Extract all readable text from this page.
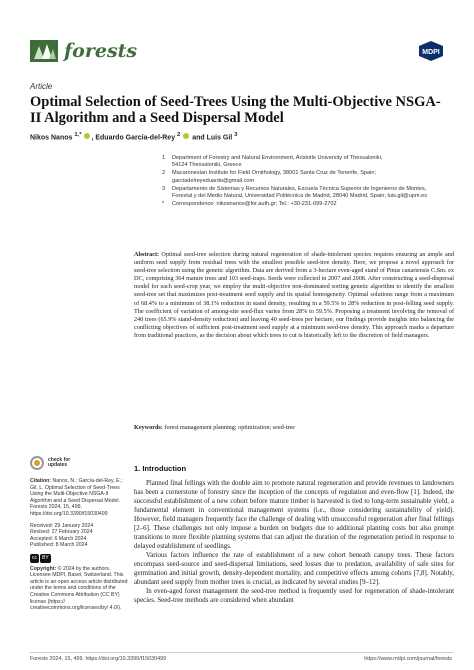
forests	MDPI
Article
Optimal Selection of Seed-Trees Using the Multi-Objective NSGA-II Algorithm and a Seed Dispersal Model
Nikos Nanos $^{1,*}$ , Eduardo García-del-Rey $^2$  and Luis Gil $^3$
1	Department of Forestry and Natural Environment, Aristotle University of Thessaloniki,
54124 Thessaloniki, Greece
2	Macaronesian Institute for Field Ornithology, 38001 Santa Cruz de Tenerife, Spain;
garciadelreyeduardo@gmail.com
3	Departamento de Sistemas y Recursos Naturales, Escuela Técnica Superior de Ingenieros de Montes,
Forestal y del Medio Natural, Universidad Politécnica de Madrid, 28040 Madrid, Spain; luis.gil@upm.es
*	Correspondence: nikosnanos@for.auth.gr; Tel.: +30-231-099-2702
Abstract: Optimal seed-tree selection during natural regeneration of shade-intolerant species requires ensuring an ample and uniform seed supply from residual trees with the smallest possible seed-tree density. Here, we propose a novel approach for seed-tree selection using the genetic algorithm. Data are derived from a 3-hectare even-aged stand of Pinus canariensis C.Sm. ex DC, comprising 364 mature trees and 103 seed-traps. Seeds were collected in 2007 and 2008. After constructing a seed-dispersal model for each seed-crop year, we employ the multi-objective non-dominated sorting genetic algorithm to identify the smallest seed-tree set that maximizes post-treatment seed supply and its spatial homogeneity. Optimal solutions range from a maximum of 68.4% to a minimum of 38.1% reduction in stand density, resulting in a 59.5% to 28% reduction in post-felling seed supply. The coefficient of variation of among-site seed-flux varies from 28% to 59.5%. Proposing a treatment involving the removal of 240 trees (65.9% stand-density reduction) and leaving 40 seed-trees per hectare, our findings provide insights into balancing the conflicting objectives of sufficient post-treatment seed supply at a minimum seed-tree density. This approach marks a departure from traditional practices, as the decision about which trees to cut is historically left to the discretion of field managers.
Keywords: forest management planning; optimization; seed-tree
check for
updates

Citation: Nanos, N.; García-del-Rey, E.; Gil, L. Optimal Selection of Seed-Trees Using the Multi-Objective NSGA-II Algorithm and a Seed Dispersal Model. Forests 2024, 15, 499. https://doi.org/10.3390/f15030499

Received: 29 January 2024
Revised: 27 February 2024
Accepted: 6 March 2024
Published: 8 March 2024

cc	BY

Copyright: © 2024 by the authors. Licensee MDPI, Basel, Switzerland. This article is an open access article distributed under the terms and conditions of the Creative Commons Attribution (CC BY) license (https:// creativecommons.org/licenses/by/ 4.0/).

1. Introduction

Planned final fellings with the double aim to promote natural regeneration and provide revenues to landowners has been a cornerstone of forestry since the inception of the concepts of regulation and even-flow [1]. Indeed, the successful establishment of a new cohort before mature timber is harvested is tied to long-term sustainable yield, a fundamental element in conventional management systems (i.e., those considering sustainability of yield). However, field managers frequently face the challenge of dealing with unsuccessful regeneration after final fellings [2–6]. These challenges not only impose a burden on budgets due to additional planting costs but also prompt transitions to more flexible planning systems that can adjust the duration of the regeneration period in response to delayed establishment of seedlings.

Various factors influence the rate of establishment of a new cohort beneath canopy trees. These factors encompass seed-source and seed-dispersal limitations, seed losses due to predation, availability of safe sites for germination and initial growth, density-dependent mortality, and competitive effects among cohorts [7,8]. Notably, abundant seed supply from mother trees is crucial, as indicated by several studies [9–12].

In even-aged forest management the seed-tree method is frequently used for regeneration of shade-intolerant species. Seed-tree methods are considered when abundant

Forests 2024, 15, 499. https://doi.org/10.3390/f15030499	https://www.mdpi.com/journal/forests
